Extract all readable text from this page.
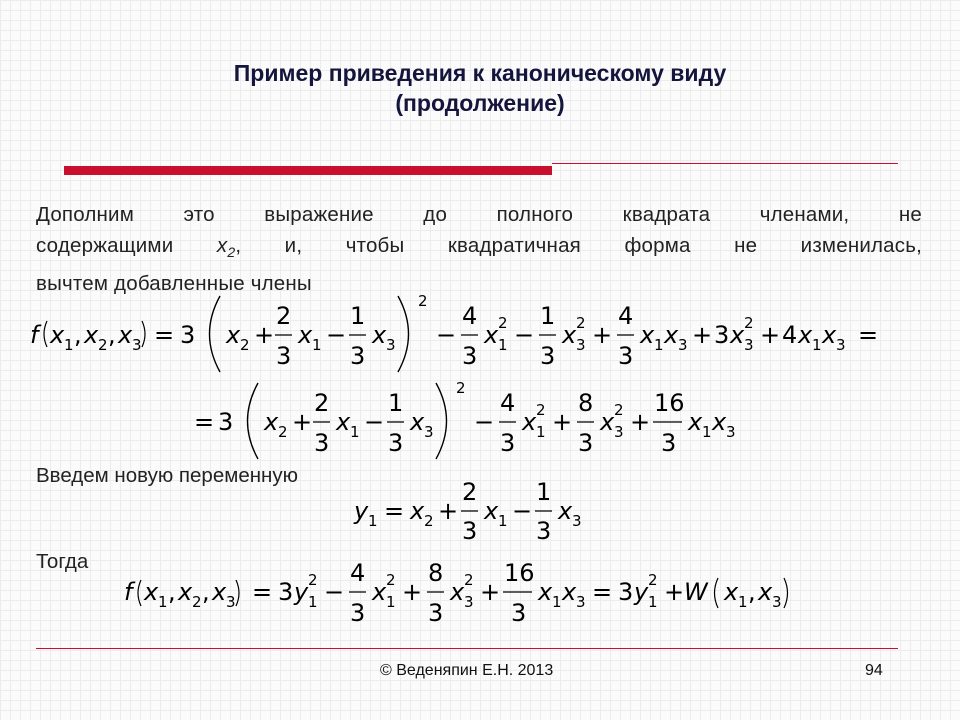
Пример приведения к каноническому виду
(продолжение)
Дополним это выражение до полного квадрата членами, не
содержащими $x_2$, и, чтобы квадратичная форма не изменилась,
вычтем добавленные члены
f x 1 , x 2 , x 3 = 3 x 2 +
2
3
x 1 −
1
3
x 3
2
−
4
3
x 1
2 −
1
3
x 3
2 +
4
3
x 1 x 3 + 3 x 3
2 + 4 x 1 x 3 =
= 3 x 2 +
2
3
x 1 −
1
3
x 3
2
−
4
3
x 1
2 +
8
3
x 3
2 +
16
3
x 1 x 3
Введем новую переменную
y 1 = x 2 +
2
3
x 1 −
1
3
x 3
Тогда
f x 1 , x 2 , x 3 = 3 y 1
2 −
4
3
x 1
2 +
8
3
x 3
2 +
16
3
x 1 x 3 = 3 y 1
2 + W x 1 , x 3
© Веденяпин Е.Н. 2013	94
